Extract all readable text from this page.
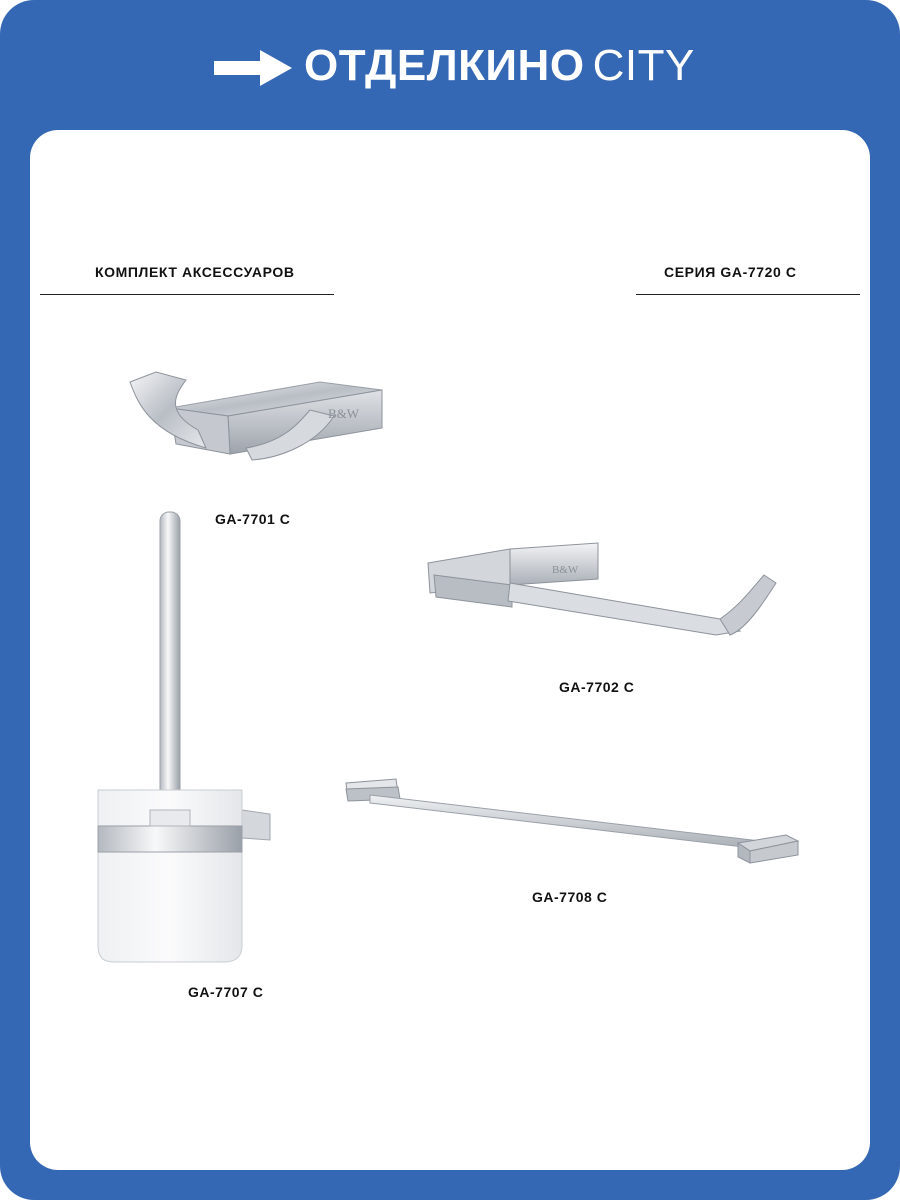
ОТДЕЛКИНО CITY
КОМПЛЕКТ АКСЕССУАРОВ	СЕРИЯ GA-7720 C
B&W
GA-7701 C
B&W
GA-7702 C
GA-7707 C
GA-7708 C
